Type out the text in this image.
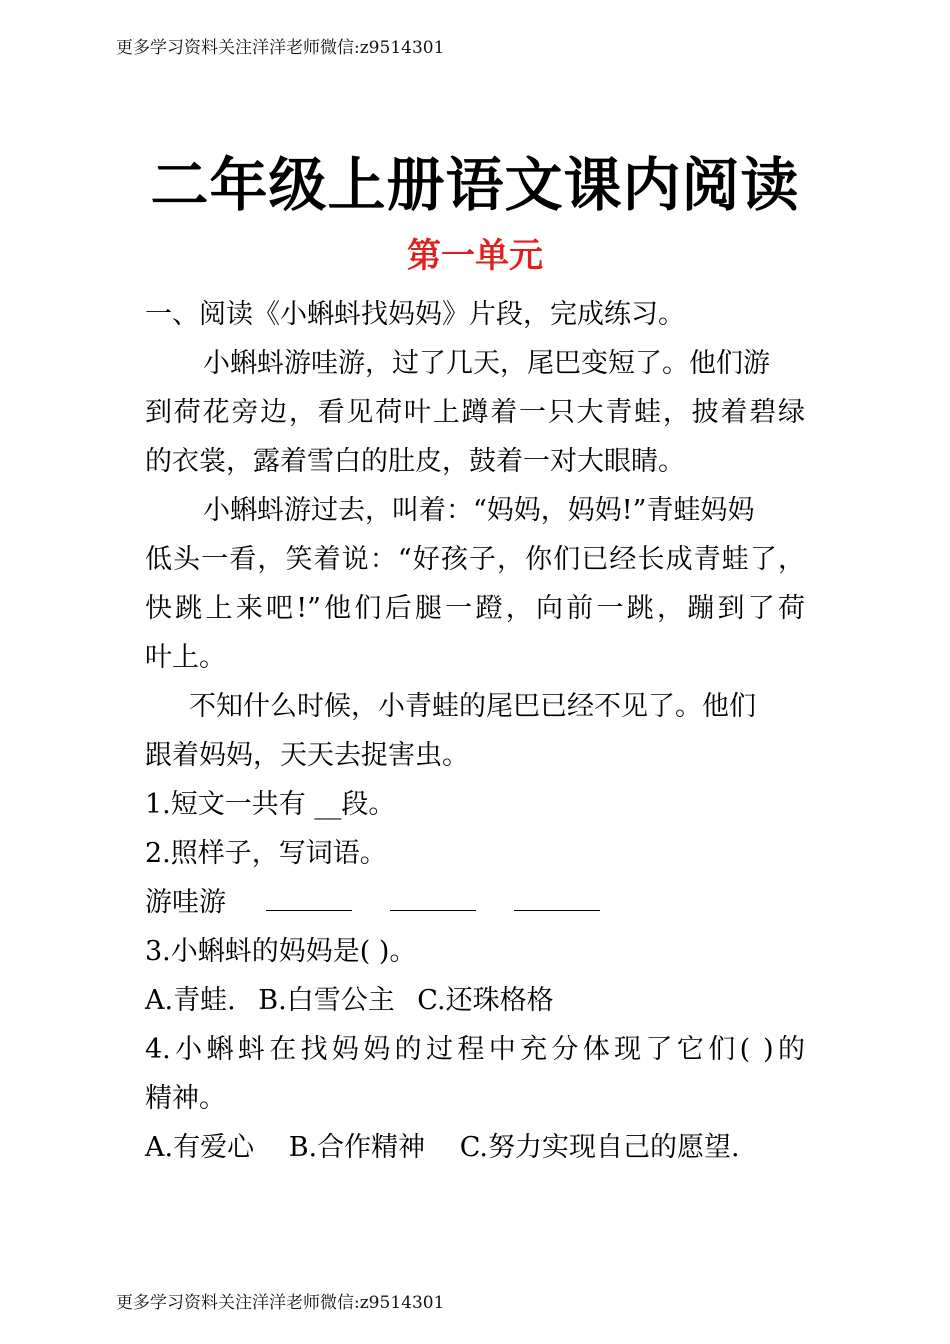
更多学习资料关注洋洋老师微信:z9514301
二年级上册语文课内阅读
第一单元
一、阅读《小蝌蚪找妈妈》片段，完成练习。
小蝌蚪游哇游，过了几天，尾巴变短了。他们游
到荷花旁边，看见荷叶上蹲着一只大青蛙，披着碧绿
的衣裳，露着雪白的肚皮，鼓着一对大眼睛。
小蝌蚪游过去，叫着：“妈妈，妈妈!”青蛙妈妈
低头一看，笑着说：“好孩子，你们已经长成青蛙了，
快跳上来吧!”他们后腿一蹬，向前一跳，蹦到了荷
叶上。
不知什么时候，小青蛙的尾巴已经不见了。他们
跟着妈妈，天天去捉害虫。
1.短文一共有 __段。
2.照样子，写词语。
游哇游
3.小蝌蚪的妈妈是( )。
A.青蛙. B.白雪公主 C.还珠格格
4.小蝌蚪在找妈妈的过程中充分体现了它们( )的
精神。
A.有爱心 B.合作精神 C.努力实现自己的愿望.
更多学习资料关注洋洋老师微信:z9514301
